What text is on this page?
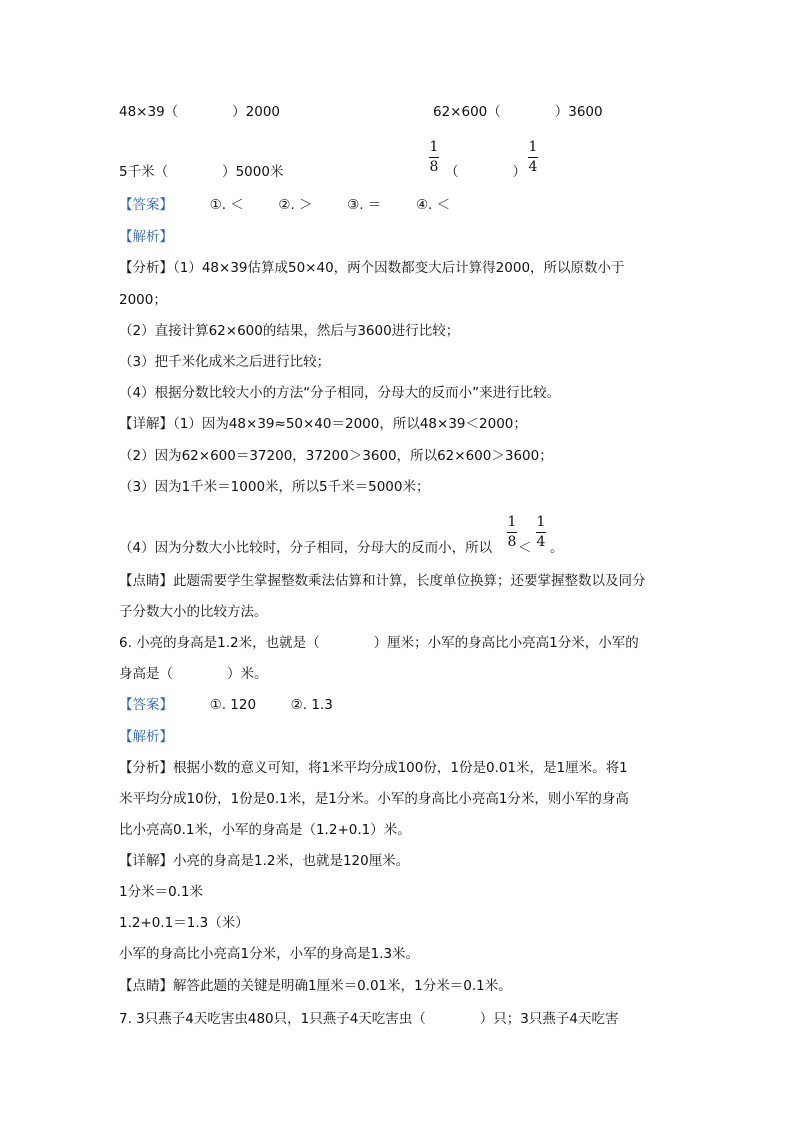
48×39（　　　　）2000	62×600（　　　　）3600
5千米（　　　　）5000米
1
8 （　　　　）
1
4
【答案】	①. ＜	②. ＞	③. ＝	④. ＜
【解析】
【分析】（1）48×39估算成50×40，两个因数都变大后计算得2000，所以原数小于
2000；
（2）直接计算62×600的结果，然后与3600进行比较；
（3）把千米化成米之后进行比较；
（4）根据分数比较大小的方法“分子相同，分母大的反而小”来进行比较。
【详解】（1）因为48×39≈50×40＝2000，所以48×39＜2000；
（2）因为62×600＝37200，37200＞3600，所以62×600＞3600；
（3）因为1千米＝1000米，所以5千米＝5000米；
（4）因为分数大小比较时，分子相同，分母大的反而小，所以
1
8 ＜
1
4 。
【点睛】此题需要学生掌握整数乘法估算和计算，长度单位换算；还要掌握整数以及同分
子分数大小的比较方法。
6. 小亮的身高是1.2米，也就是（　　　　）厘米；小军的身高比小亮高1分米，小军的
身高是（　　　　）米。
【答案】	①. 120	②. 1.3
【解析】
【分析】根据小数的意义可知，将1米平均分成100份，1份是0.01米，是1厘米。将1
米平均分成10份，1份是0.1米，是1分米。小军的身高比小亮高1分米，则小军的身高
比小亮高0.1米，小军的身高是（1.2+0.1）米。
【详解】小亮的身高是1.2米，也就是120厘米。
1分米＝0.1米
1.2+0.1＝1.3（米）
小军的身高比小亮高1分米，小军的身高是1.3米。
【点睛】解答此题的关键是明确1厘米＝0.01米，1分米＝0.1米。
7. 3只燕子4天吃害虫480只，1只燕子4天吃害虫（　　　　）只；3只燕子4天吃害
